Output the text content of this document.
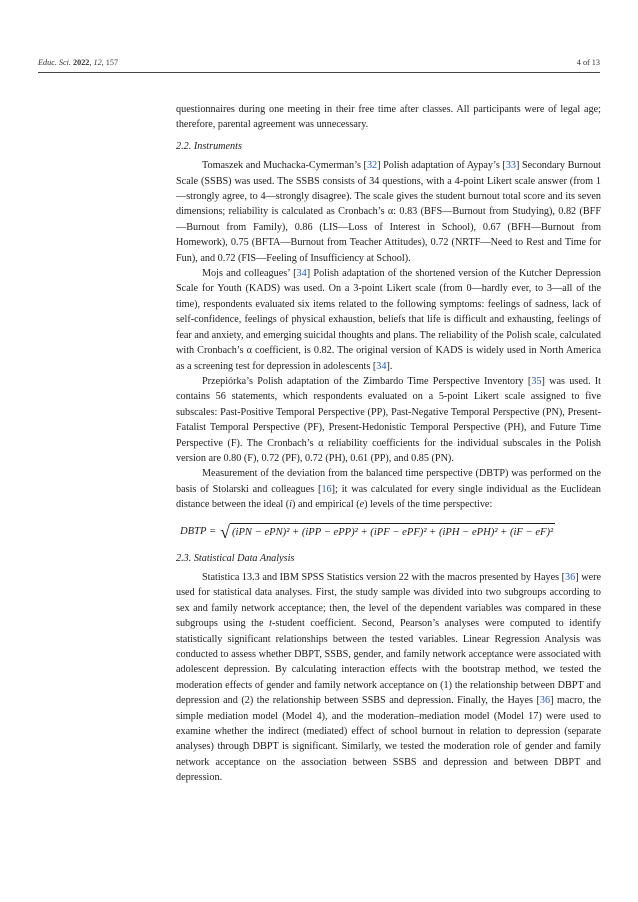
Educ. Sci. 2022, 12, 157	4 of 13

questionnaires during one meeting in their free time after classes. All participants were of legal age; therefore, parental agreement was unnecessary.

2.2. Instruments

Tomaszek and Muchacka-Cymerman’s [32] Polish adaptation of Aypay’s [33] Secondary Burnout Scale (SSBS) was used. The SSBS consists of 34 questions, with a 4-point Likert scale answer (from 1—strongly agree, to 4—strongly disagree). The scale gives the student burnout total score and its seven dimensions; reliability is calculated as Cronbach’s α: 0.83 (BFS—Burnout from Studying), 0.82 (BFF—Burnout from Family), 0.86 (LIS—Loss of Interest in School), 0.67 (BFH—Burnout from Homework), 0.75 (BFTA—Burnout from Teacher Attitudes), 0.72 (NRTF—Need to Rest and Time for Fun), and 0.72 (FIS—Feeling of Insufficiency at School).

Mojs and colleagues’ [34] Polish adaptation of the shortened version of the Kutcher Depression Scale for Youth (KADS) was used. On a 3-point Likert scale (from 0—hardly ever, to 3—all of the time), respondents evaluated six items related to the following symptoms: feelings of sadness, lack of self-confidence, feelings of physical exhaustion, beliefs that life is difficult and exhausting, feelings of fear and anxiety, and emerging suicidal thoughts and plans. The reliability of the Polish scale, calculated with Cronbach’s α coefficient, is 0.82. The original version of KADS is widely used in North America as a screening test for depression in adolescents [34].

Przepiórka’s Polish adaptation of the Zimbardo Time Perspective Inventory [35] was used. It contains 56 statements, which respondents evaluated on a 5-point Likert scale assigned to five subscales: Past-Positive Temporal Perspective (PP), Past-Negative Temporal Perspective (PN), Present-Fatalist Temporal Perspective (PF), Present-Hedonistic Temporal Perspective (PH), and Future Time Perspective (F). The Cronbach’s α reliability coefficients for the individual subscales in the Polish version are 0.80 (F), 0.72 (PF), 0.72 (PH), 0.61 (PP), and 0.85 (PN).

Measurement of the deviation from the balanced time perspective (DBTP) was performed on the basis of Stolarski and colleagues [16]; it was calculated for every single individual as the Euclidean distance between the ideal (i) and empirical (e) levels of the time perspective:

DBTP = √ (iPN − ePN)² + (iPP − ePP)² + (iPF − ePF)² + (iPH − ePH)² + (iF − eF)²
2.3. Statistical Data Analysis

Statistica 13.3 and IBM SPSS Statistics version 22 with the macros presented by Hayes [36] were used for statistical data analyses. First, the study sample was divided into two subgroups according to sex and family network acceptance; then, the level of the dependent variables was compared in these subgroups using the t-student coefficient. Second, Pearson’s analyses were computed to identify statistically significant relationships between the tested variables. Linear Regression Analysis was conducted to assess whether DBPT, SSBS, gender, and family network acceptance were associated with adolescent depression. By calculating interaction effects with the bootstrap method, we tested the moderation effects of gender and family network acceptance on (1) the relationship between DBPT and depression and (2) the relationship between SSBS and depression. Finally, the Hayes [36] macro, the simple mediation model (Model 4), and the moderation–mediation model (Model 17) were used to examine whether the indirect (mediated) effect of school burnout in relation to depression (separate analyses) through DBPT is significant. Similarly, we tested the moderation role of gender and family network acceptance on the association between SSBS and depression and between DBPT and depression.
